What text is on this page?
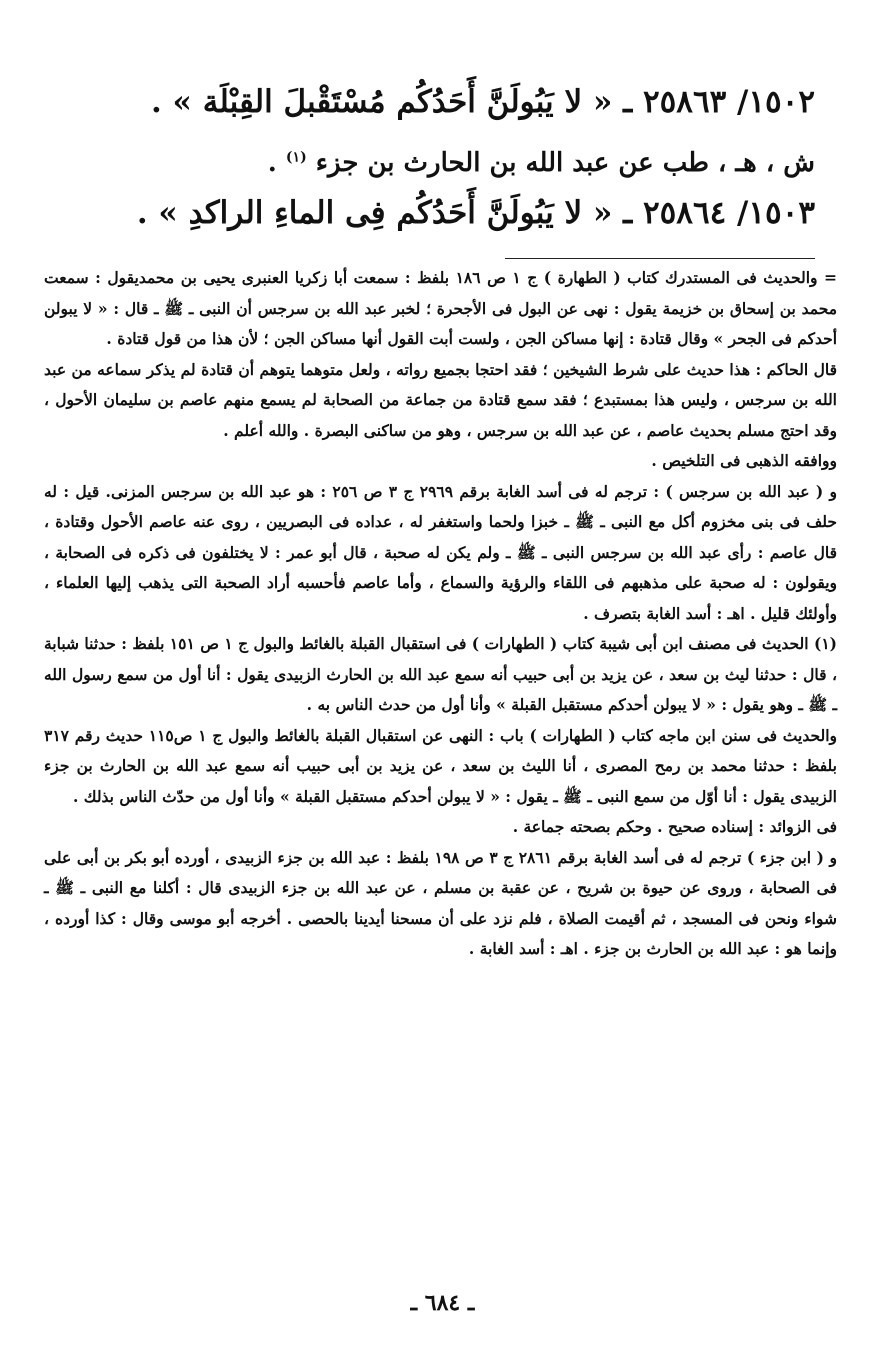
١٥٠٢/ ٢٥٨٦٣ ـ « لا يَبُولَنَّ أَحَدُكُم مُسْتَقْبلَ القِبْلَة » .
ش ، هـ ، طب عن عبد الله بن الحارث بن جزء $^{(١)}$ .
١٥٠٣/ ٢٥٨٦٤ ـ « لا يَبُولَنَّ أَحَدُكُم فِى الماءِ الراكدِ » .

= والحديث فى المستدرك كتاب ( الطهارة ) ج ١ ص ١٨٦ بلفظ : سمعت أبا زكريا العنبرى يحيى بن محمديقول : سمعت محمد بن إسحاق بن خزيمة يقول : نهى عن البول فى الأجحرة ؛ لخبر عبد الله بن سرجس أن النبى ـ ﷺ ـ قال : « لا يبولن أحدكم فى الجحر » وقال قتادة : إنها مساكن الجن ، ولست أبت القول أنها مساكن الجن ؛ لأن هذا من قول قتادة .

قال الحاكم : هذا حديث على شرط الشيخين ؛ فقد احتجا بجميع رواته ، ولعل متوهما يتوهم أن قتادة لم يذكر سماعه من عبد الله بن سرجس ، وليس هذا بمستبدع ؛ فقد سمع قتادة من جماعة من الصحابة لم يسمع منهم عاصم بن سليمان الأحول ، وقد احتج مسلم بحديث عاصم ، عن عبد الله بن سرجس ، وهو من ساكنى البصرة . والله أعلم .

ووافقه الذهبى فى التلخيص .

و ( عبد الله بن سرجس ) : ترجم له فى أسد الغابة برقم ٢٩٦٩ ج ٣ ص ٢٥٦ : هو عبد الله بن سرجس المزنى. قيل : له حلف فى بنى مخزوم أكل مع النبى ـ ﷺ ـ خبزا ولحما واستغفر له ، عداده فى البصريين ، روى عنه عاصم الأحول وقتادة ، قال عاصم : رأى عبد الله بن سرجس النبى ـ ﷺ ـ ولم يكن له صحبة ، قال أبو عمر : لا يختلفون فى ذكره فى الصحابة ، ويقولون : له صحبة على مذهبهم فى اللقاء والرؤية والسماع ، وأما عاصم فأحسبه أراد الصحبة التى يذهب إليها العلماء ، وأولئك قليل . اهـ : أسد الغابة بتصرف .

(١) الحديث فى مصنف ابن أبى شيبة كتاب ( الطهارات ) فى استقبال القبلة بالغائط والبول ج ١ ص ١٥١ بلفظ : حدثنا شبابة ، قال : حدثنا ليث بن سعد ، عن يزيد بن أبى حبيب أنه سمع عبد الله بن الحارث الزبيدى يقول : أنا أول من سمع رسول الله ـ ﷺ ـ وهو يقول : « لا يبولن أحدكم مستقبل القبلة » وأنا أول من حدث الناس به .

والحديث فى سنن ابن ماجه كتاب ( الطهارات ) باب : النهى عن استقبال القبلة بالغائط والبول ج ١ ص١١٥ حديث رقم ٣١٧ بلفظ : حدثنا محمد بن رمح المصرى ، أنا الليث بن سعد ، عن يزيد بن أبى حبيب أنه سمع عبد الله بن الحارث بن جزء الزبيدى يقول : أنا أوّل من سمع النبى ـ ﷺ ـ يقول : « لا يبولن أحدكم مستقبل القبلة » وأنا أول من حدّث الناس بذلك .

فى الزوائد : إسناده صحيح . وحكم بصحته جماعة .

و ( ابن جزء ) ترجم له فى أسد الغابة برقم ٢٨٦١ ج ٣ ص ١٩٨ بلفظ : عبد الله بن جزء الزبيدى ، أورده أبو بكر بن أبى على فى الصحابة ، وروى عن حيوة بن شريح ، عن عقبة بن مسلم ، عن عبد الله بن جزء الزبيدى قال : أكلنا مع النبى ـ ﷺ ـ شواء ونحن فى المسجد ، ثم أقيمت الصلاة ، فلم نزد على أن مسحنا أيدينا بالحصى . أخرجه أبو موسى وقال : كذا أورده ، وإنما هو : عبد الله بن الحارث بن جزء . اهـ : أسد الغابة .

ـ ٦٨٤ ـ
